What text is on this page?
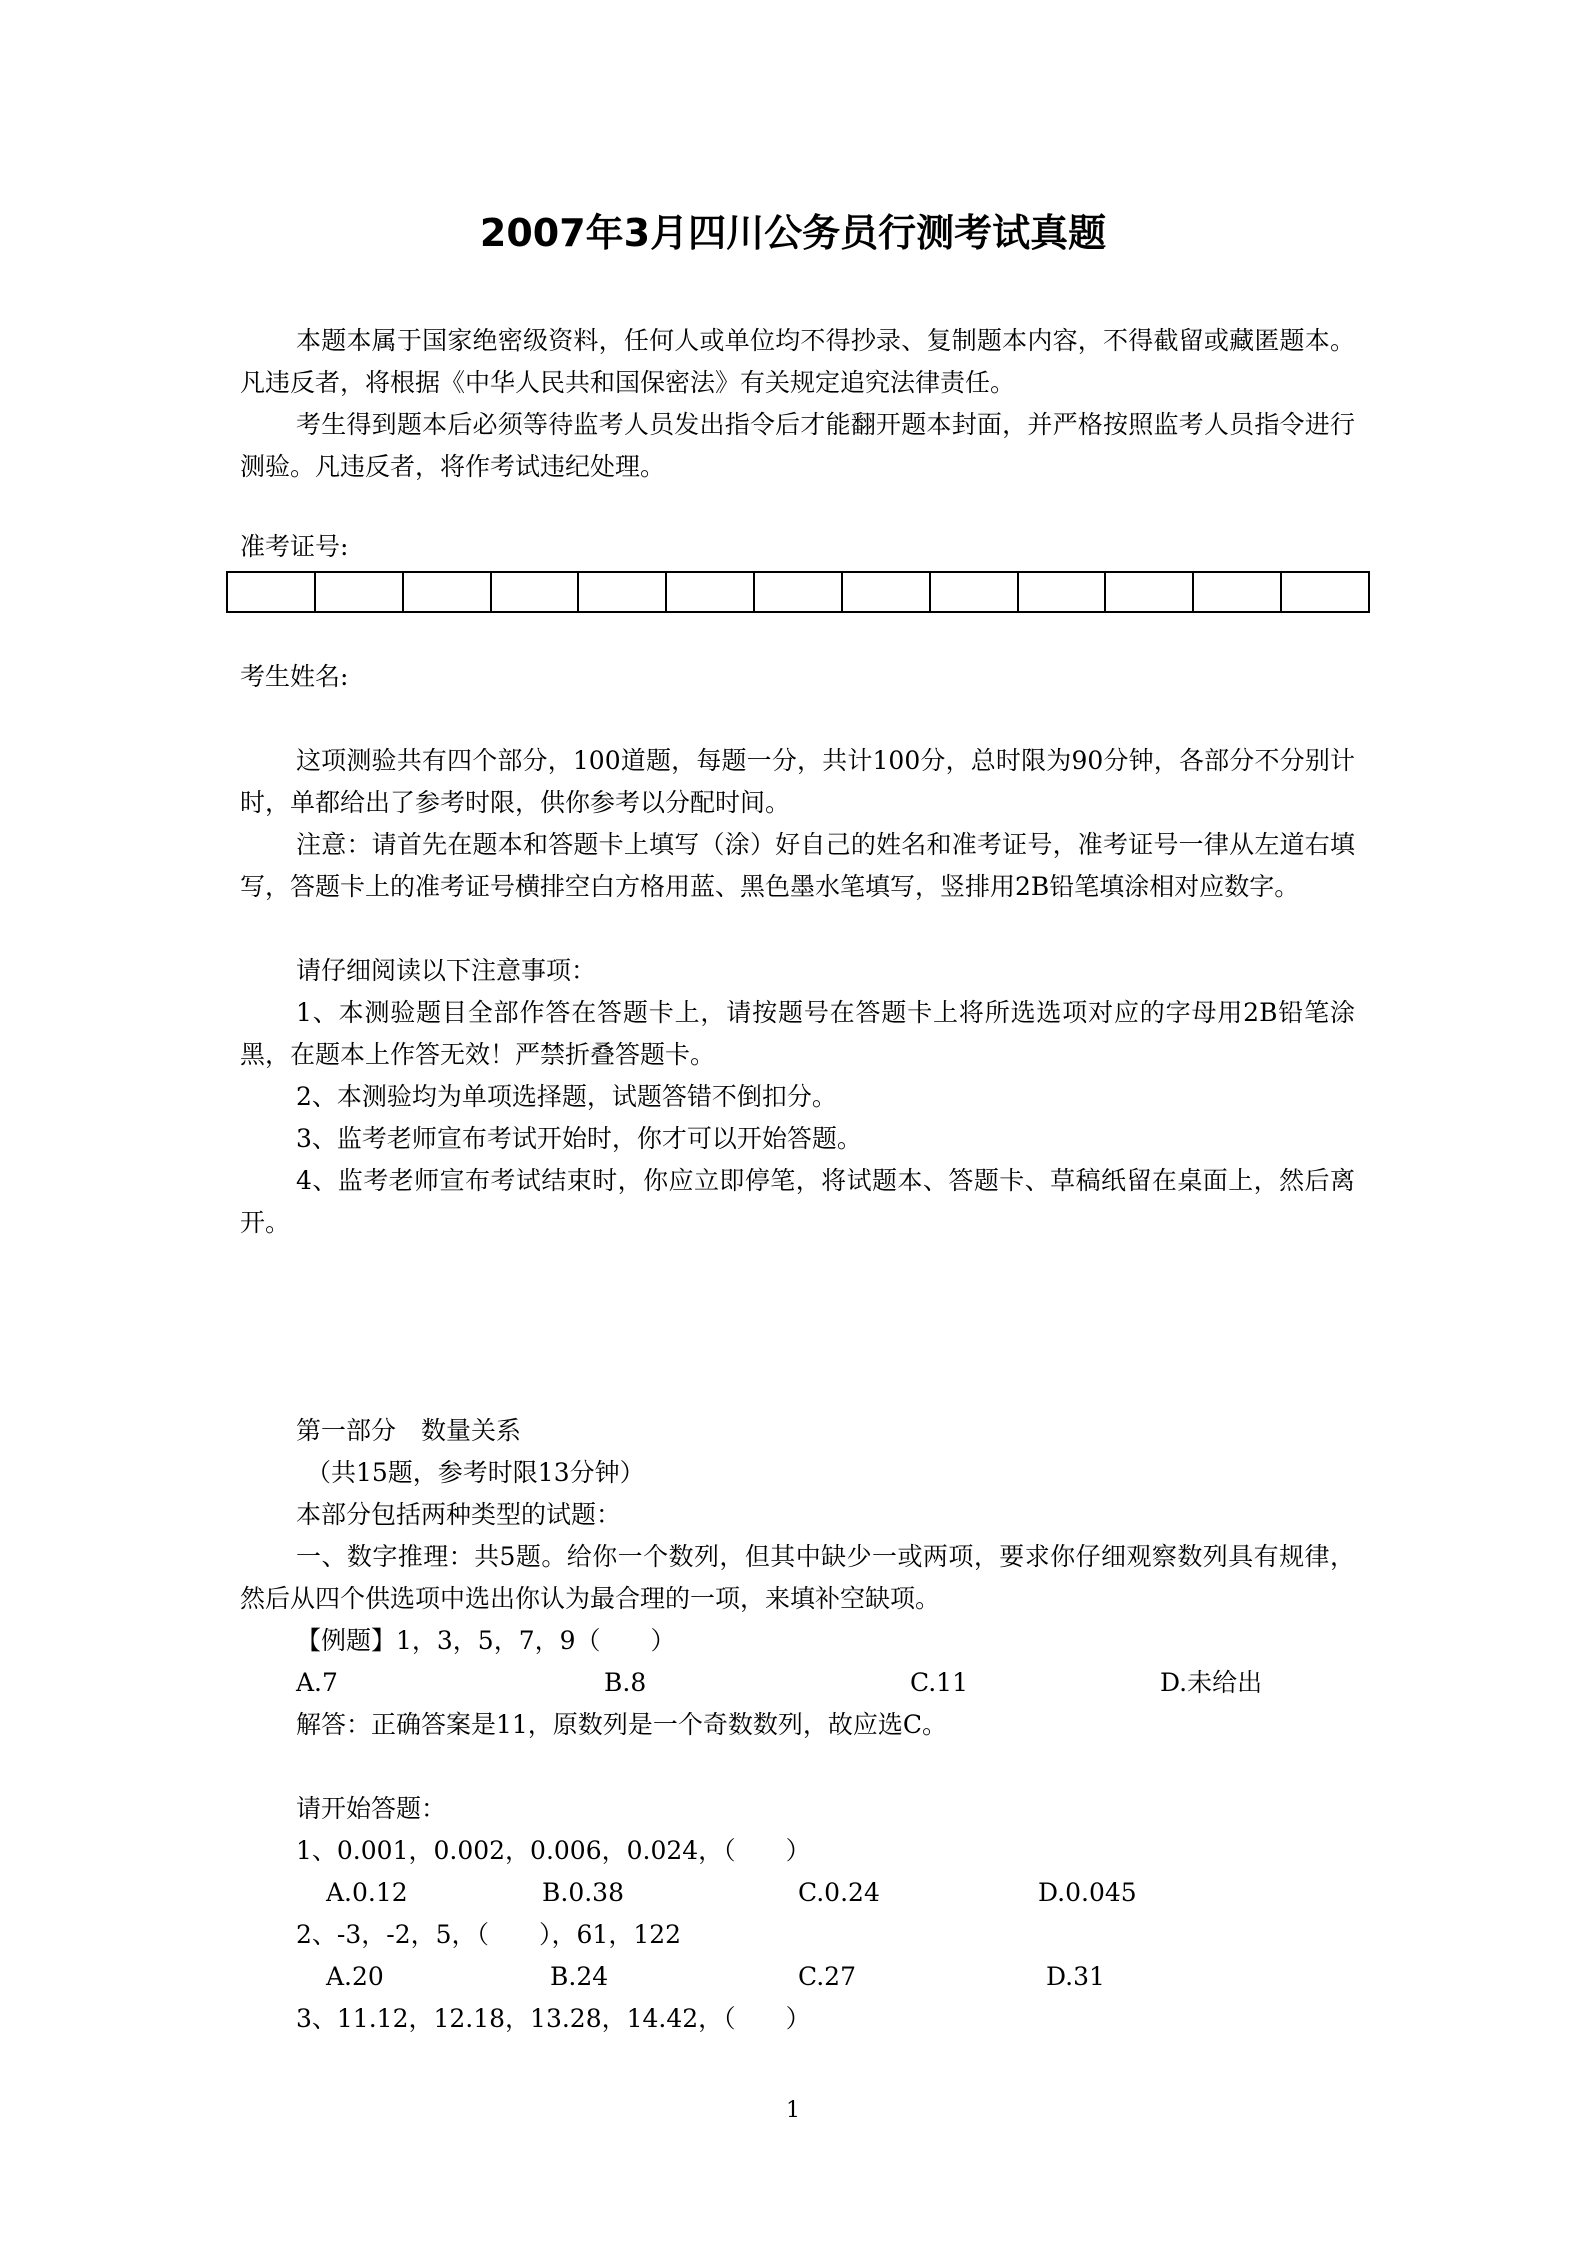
2007年3月四川公务员行测考试真题

本题本属于国家绝密级资料，任何人或单位均不得抄录、复制题本内容，不得截留或藏匿题本。凡违反者，将根据《中华人民共和国保密法》有关规定追究法律责任。

考生得到题本后必须等待监考人员发出指令后才能翻开题本封面，并严格按照监考人员指令进行测验。凡违反者，将作考试违纪处理。

准考证号:
考生姓名:

这项测验共有四个部分，100道题，每题一分，共计100分，总时限为90分钟，各部分不分别计时，单都给出了参考时限，供你参考以分配时间。

注意：请首先在题本和答题卡上填写（涂）好自己的姓名和准考证号，准考证号一律从左道右填写，答题卡上的准考证号横排空白方格用蓝、黑色墨水笔填写，竖排用2B铅笔填涂相对应数字。

请仔细阅读以下注意事项：

1、本测验题目全部作答在答题卡上，请按题号在答题卡上将所选选项对应的字母用2B铅笔涂黑，在题本上作答无效！严禁折叠答题卡。

2、本测验均为单项选择题，试题答错不倒扣分。

3、监考老师宣布考试开始时，你才可以开始答题。

4、监考老师宣布考试结束时，你应立即停笔，将试题本、答题卡、草稿纸留在桌面上，然后离开。

第一部分　数量关系
（共15题，参考时限13分钟）
本部分包括两种类型的试题：

一、数字推理：共5题。给你一个数列，但其中缺少一或两项，要求你仔细观察数列具有规律，然后从四个供选项中选出你认为最合理的一项，来填补空缺项。

【例题】1，3，5，7，9（　　）
A.7	B.8	C.11	D.未给出
解答：正确答案是11，原数列是一个奇数数列，故应选C。
请开始答题：
1、0.001，0.002，0.006，0.024，（　　）
A.0.12	B.0.38	C.0.24	D.0.045
2、-3，-2，5，（　　），61，122
A.20	B.24	C.27	D.31
3、11.12，12.18，13.28，14.42，（　　）
1
